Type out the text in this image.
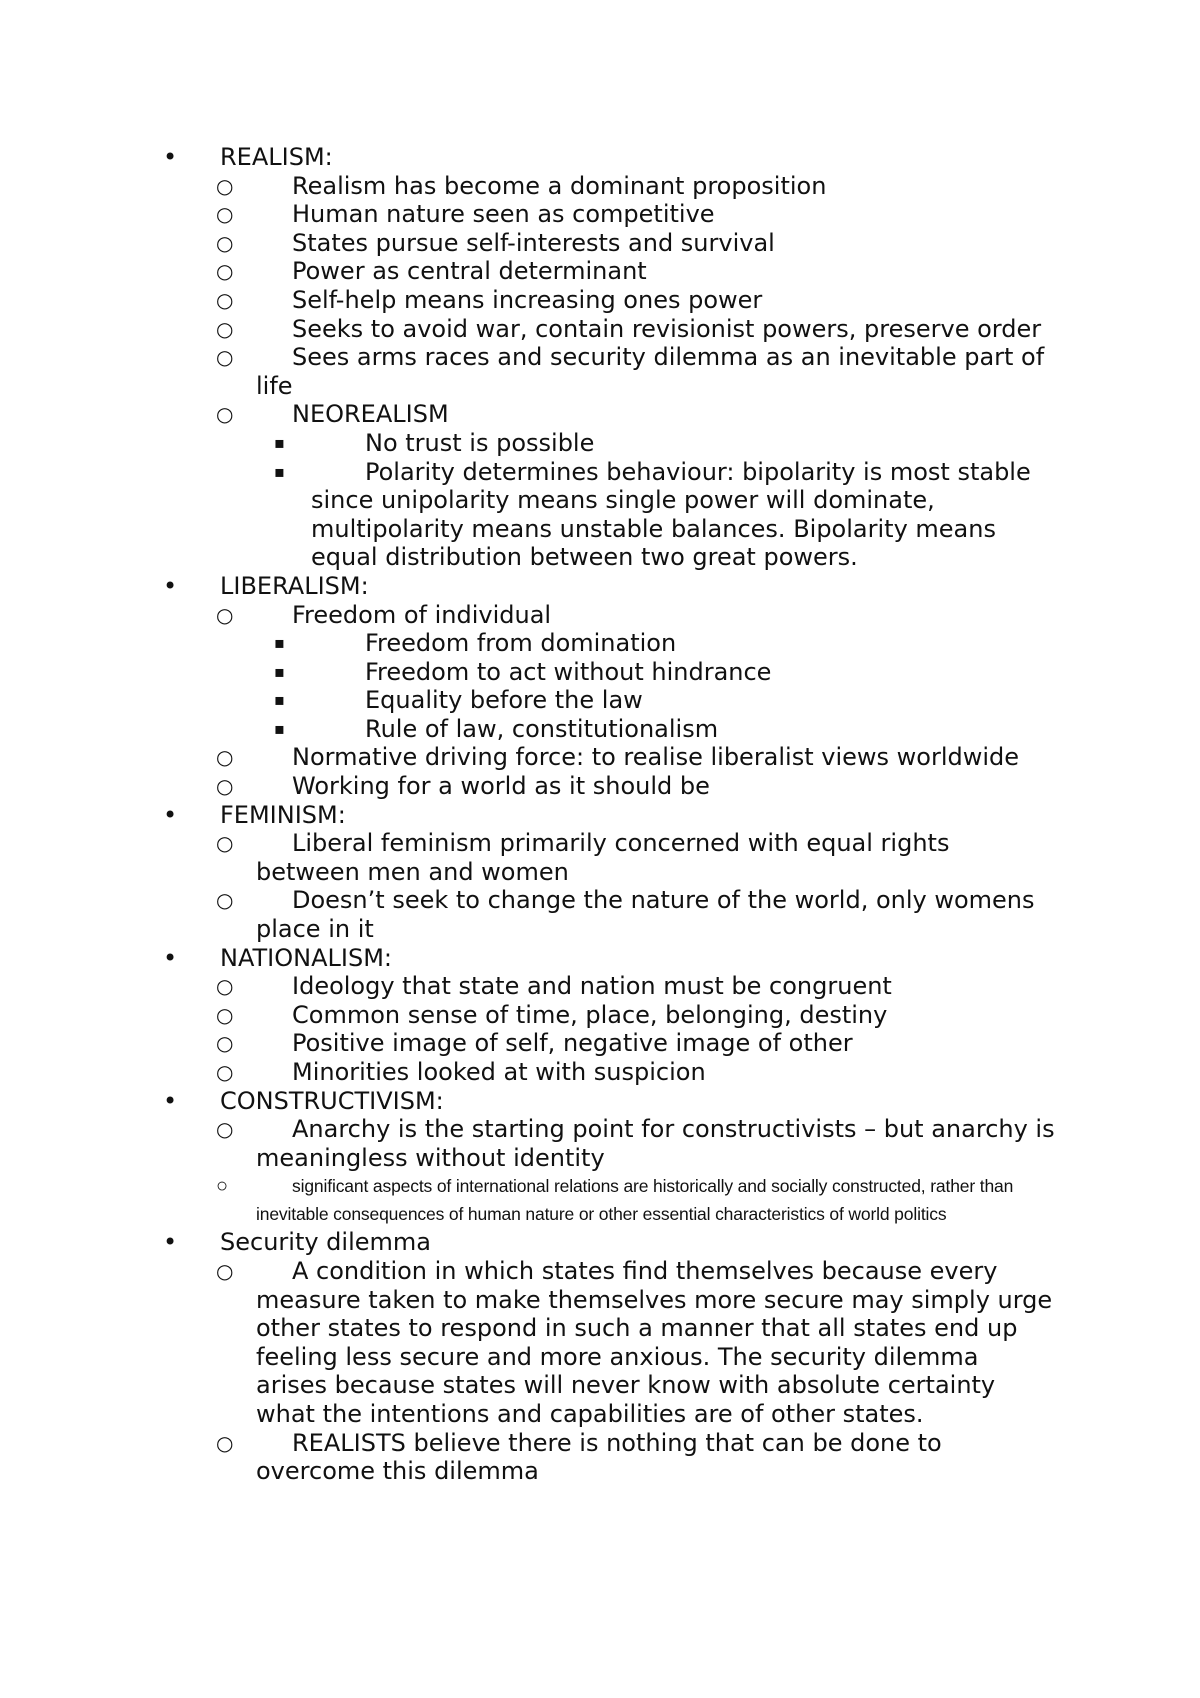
• REALISM:
○ Realism has become a dominant proposition
○ Human nature seen as competitive
○ States pursue self-interests and survival
○ Power as central determinant
○ Self-help means increasing ones power
○ Seeks to avoid war, contain revisionist powers, preserve order
○ Sees arms races and security dilemma as an inevitable part of life
○ NEOREALISM
▪	No trust is possible
▪	Polarity determines behaviour: bipolarity is most stable since unipolarity means single power will dominate, multipolarity means unstable balances. Bipolarity means equal distribution between two great powers.
• LIBERALISM:
○ Freedom of individual
▪	Freedom from domination
▪	Freedom to act without hindrance
▪	Equality before the law
▪	Rule of law, constitutionalism
○ Normative driving force: to realise liberalist views worldwide
○ Working for a world as it should be
• FEMINISM:
○ Liberal feminism primarily concerned with equal rights between men and women
○ Doesn’t seek to change the nature of the world, only womens place in it
• NATIONALISM:
○ Ideology that state and nation must be congruent
○ Common sense of time, place, belonging, destiny
○ Positive image of self, negative image of other
○ Minorities looked at with suspicion
• CONSTRUCTIVISM:
○ Anarchy is the starting point for constructivists – but anarchy is meaningless without identity
○	significant aspects of international relations are historically and socially constructed, rather than inevitable consequences of human nature or other essential characteristics of world politics
• Security dilemma
○ A condition in which states find themselves because every measure taken to make themselves more secure may simply urge other states to respond in such a manner that all states end up feeling less secure and more anxious. The security dilemma arises because states will never know with absolute certainty what the intentions and capabilities are of other states.
○ REALISTS believe there is nothing that can be done to overcome this dilemma
